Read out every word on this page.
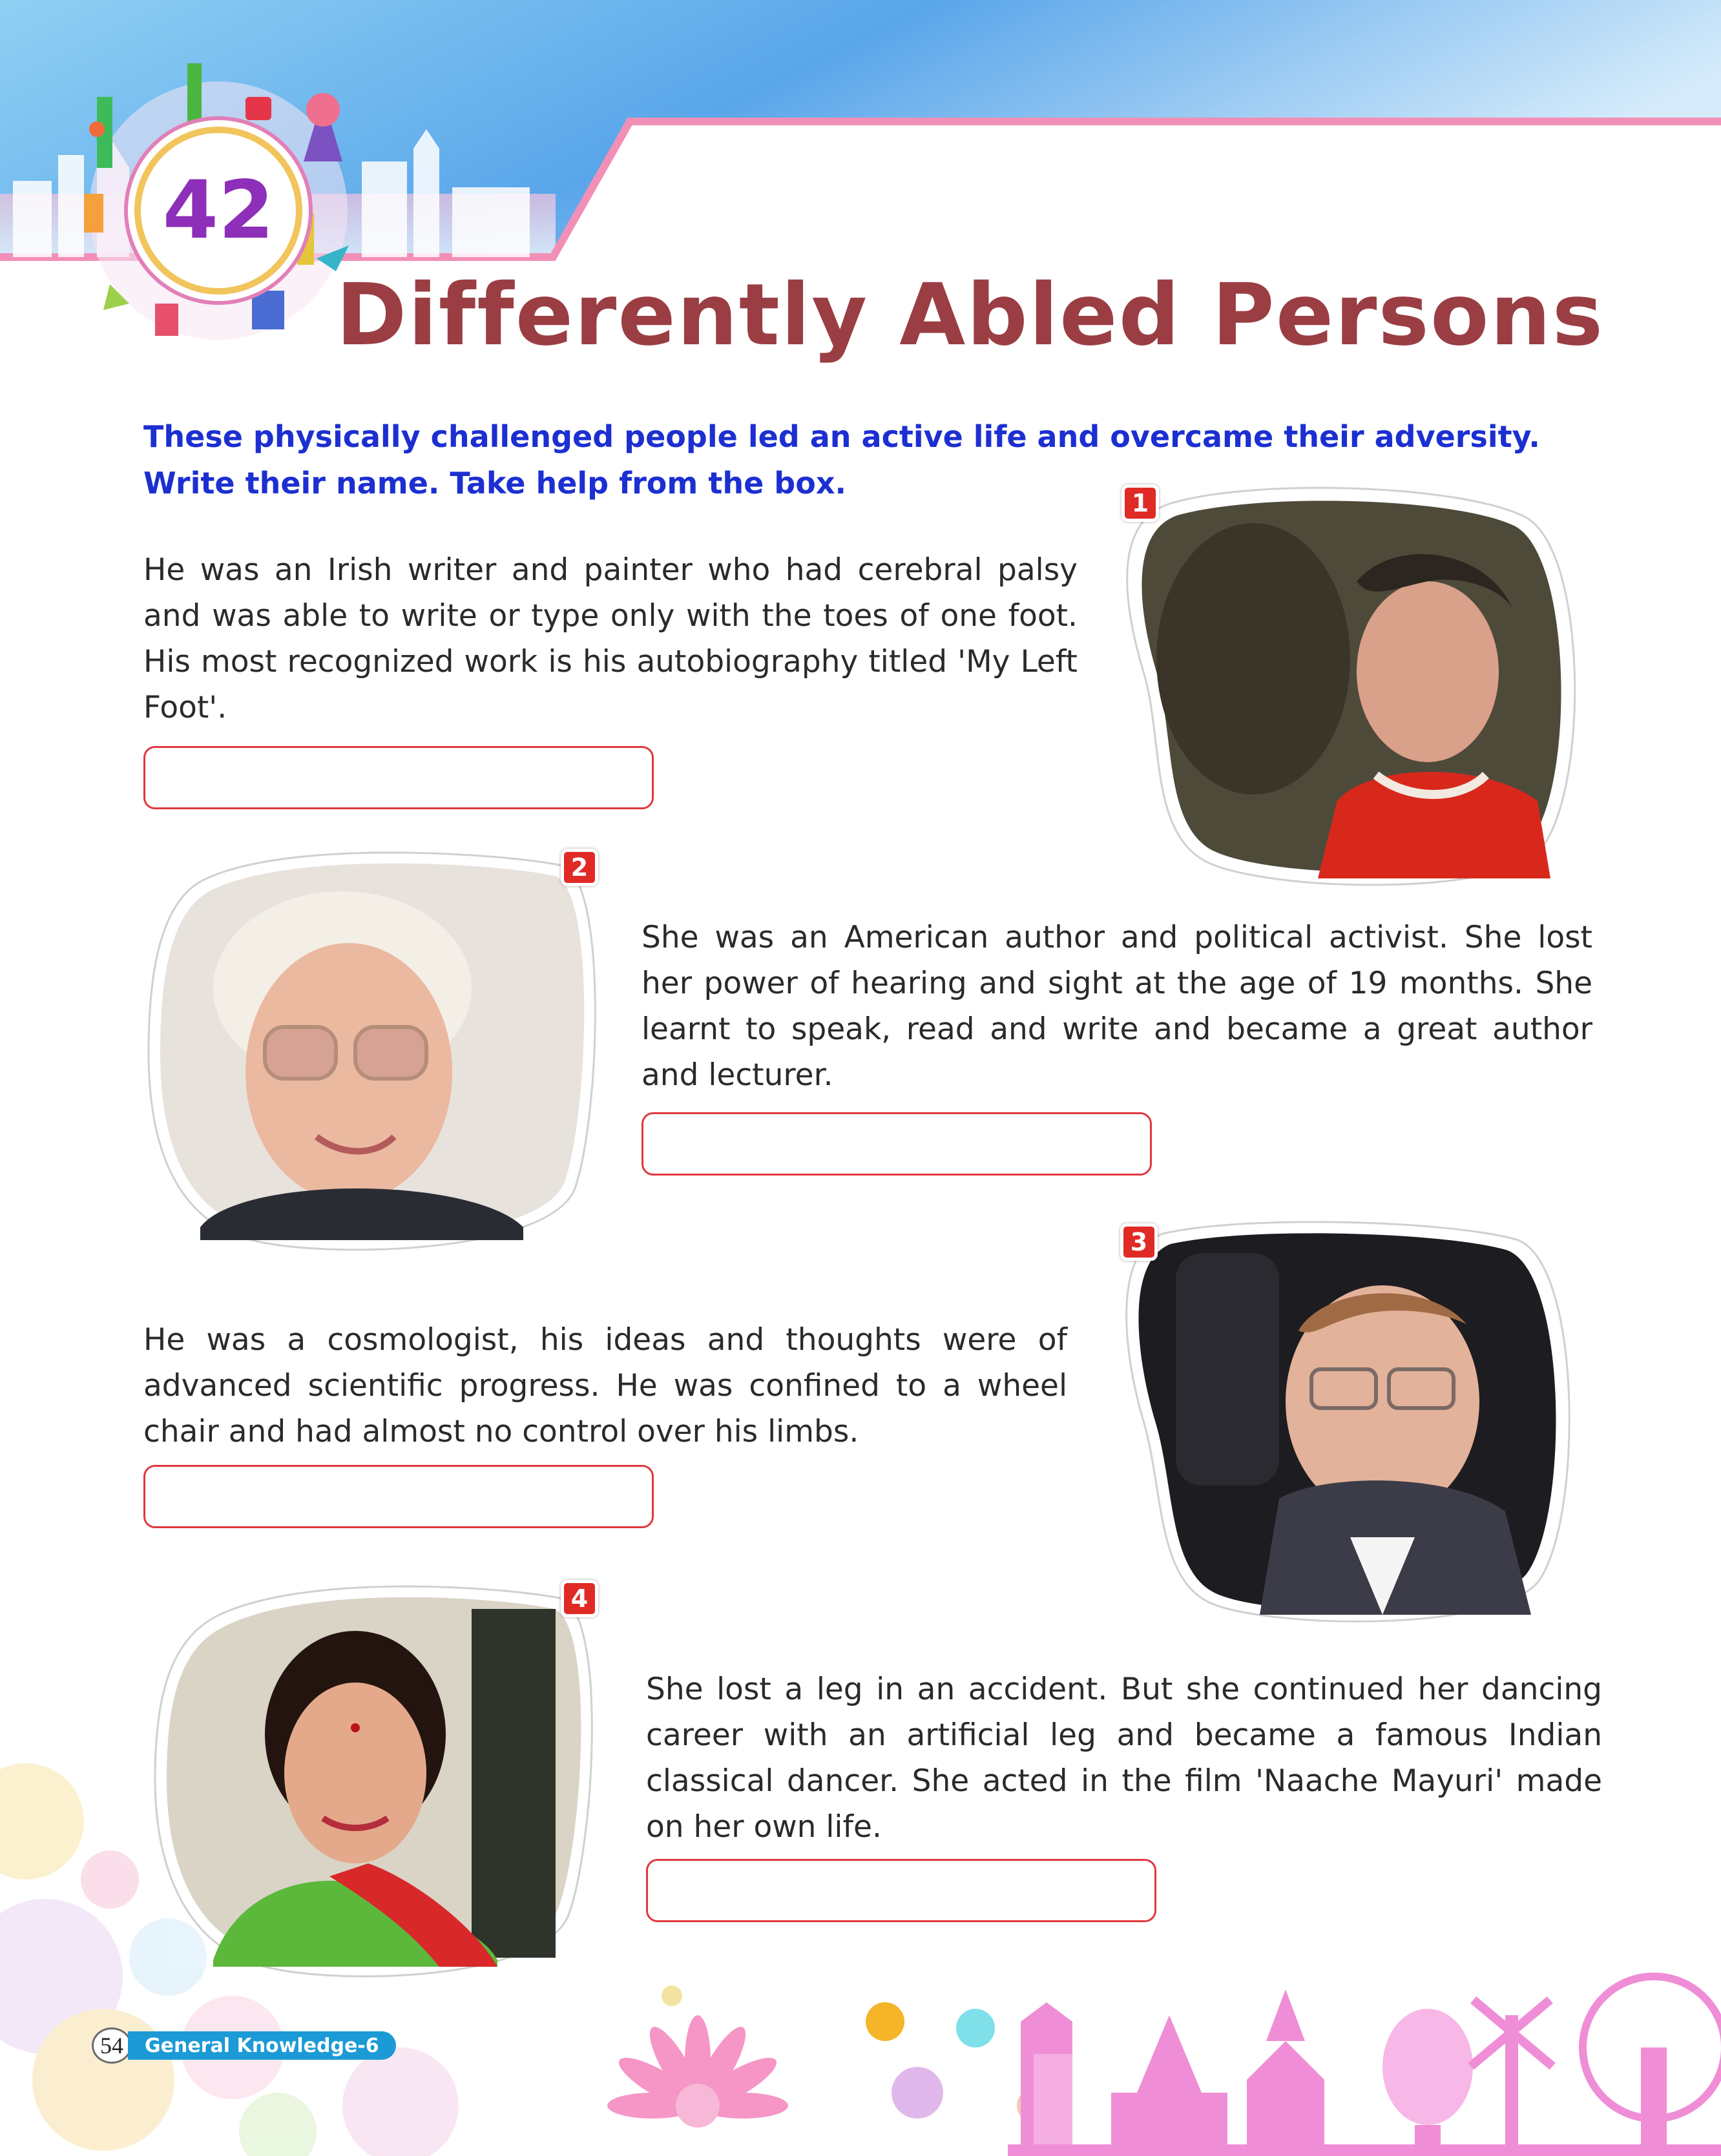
42
Differently Abled Persons
These physically challenged people led an active life and overcame their adversity. Write their name. Take help from the box.
He was an Irish writer and painter who had cerebral palsy and was able to write or type only with the toes of one foot. His most recognized work is his autobiography titled 'My Left Foot'.
1
2
She was an American author and political activist. She lost her power of hearing and sight at the age of 19 months. She learnt to speak, read and write and became a great author and lecturer.
He was a cosmologist, his ideas and thoughts were of advanced scientific progress. He was confined to a wheel chair and had almost no control over his limbs.
3
4
She lost a leg in an accident. But she continued her dancing career with an artificial leg and became a famous Indian classical dancer. She acted in the film 'Naache Mayuri' made on her own life.
54	General Knowledge-6
